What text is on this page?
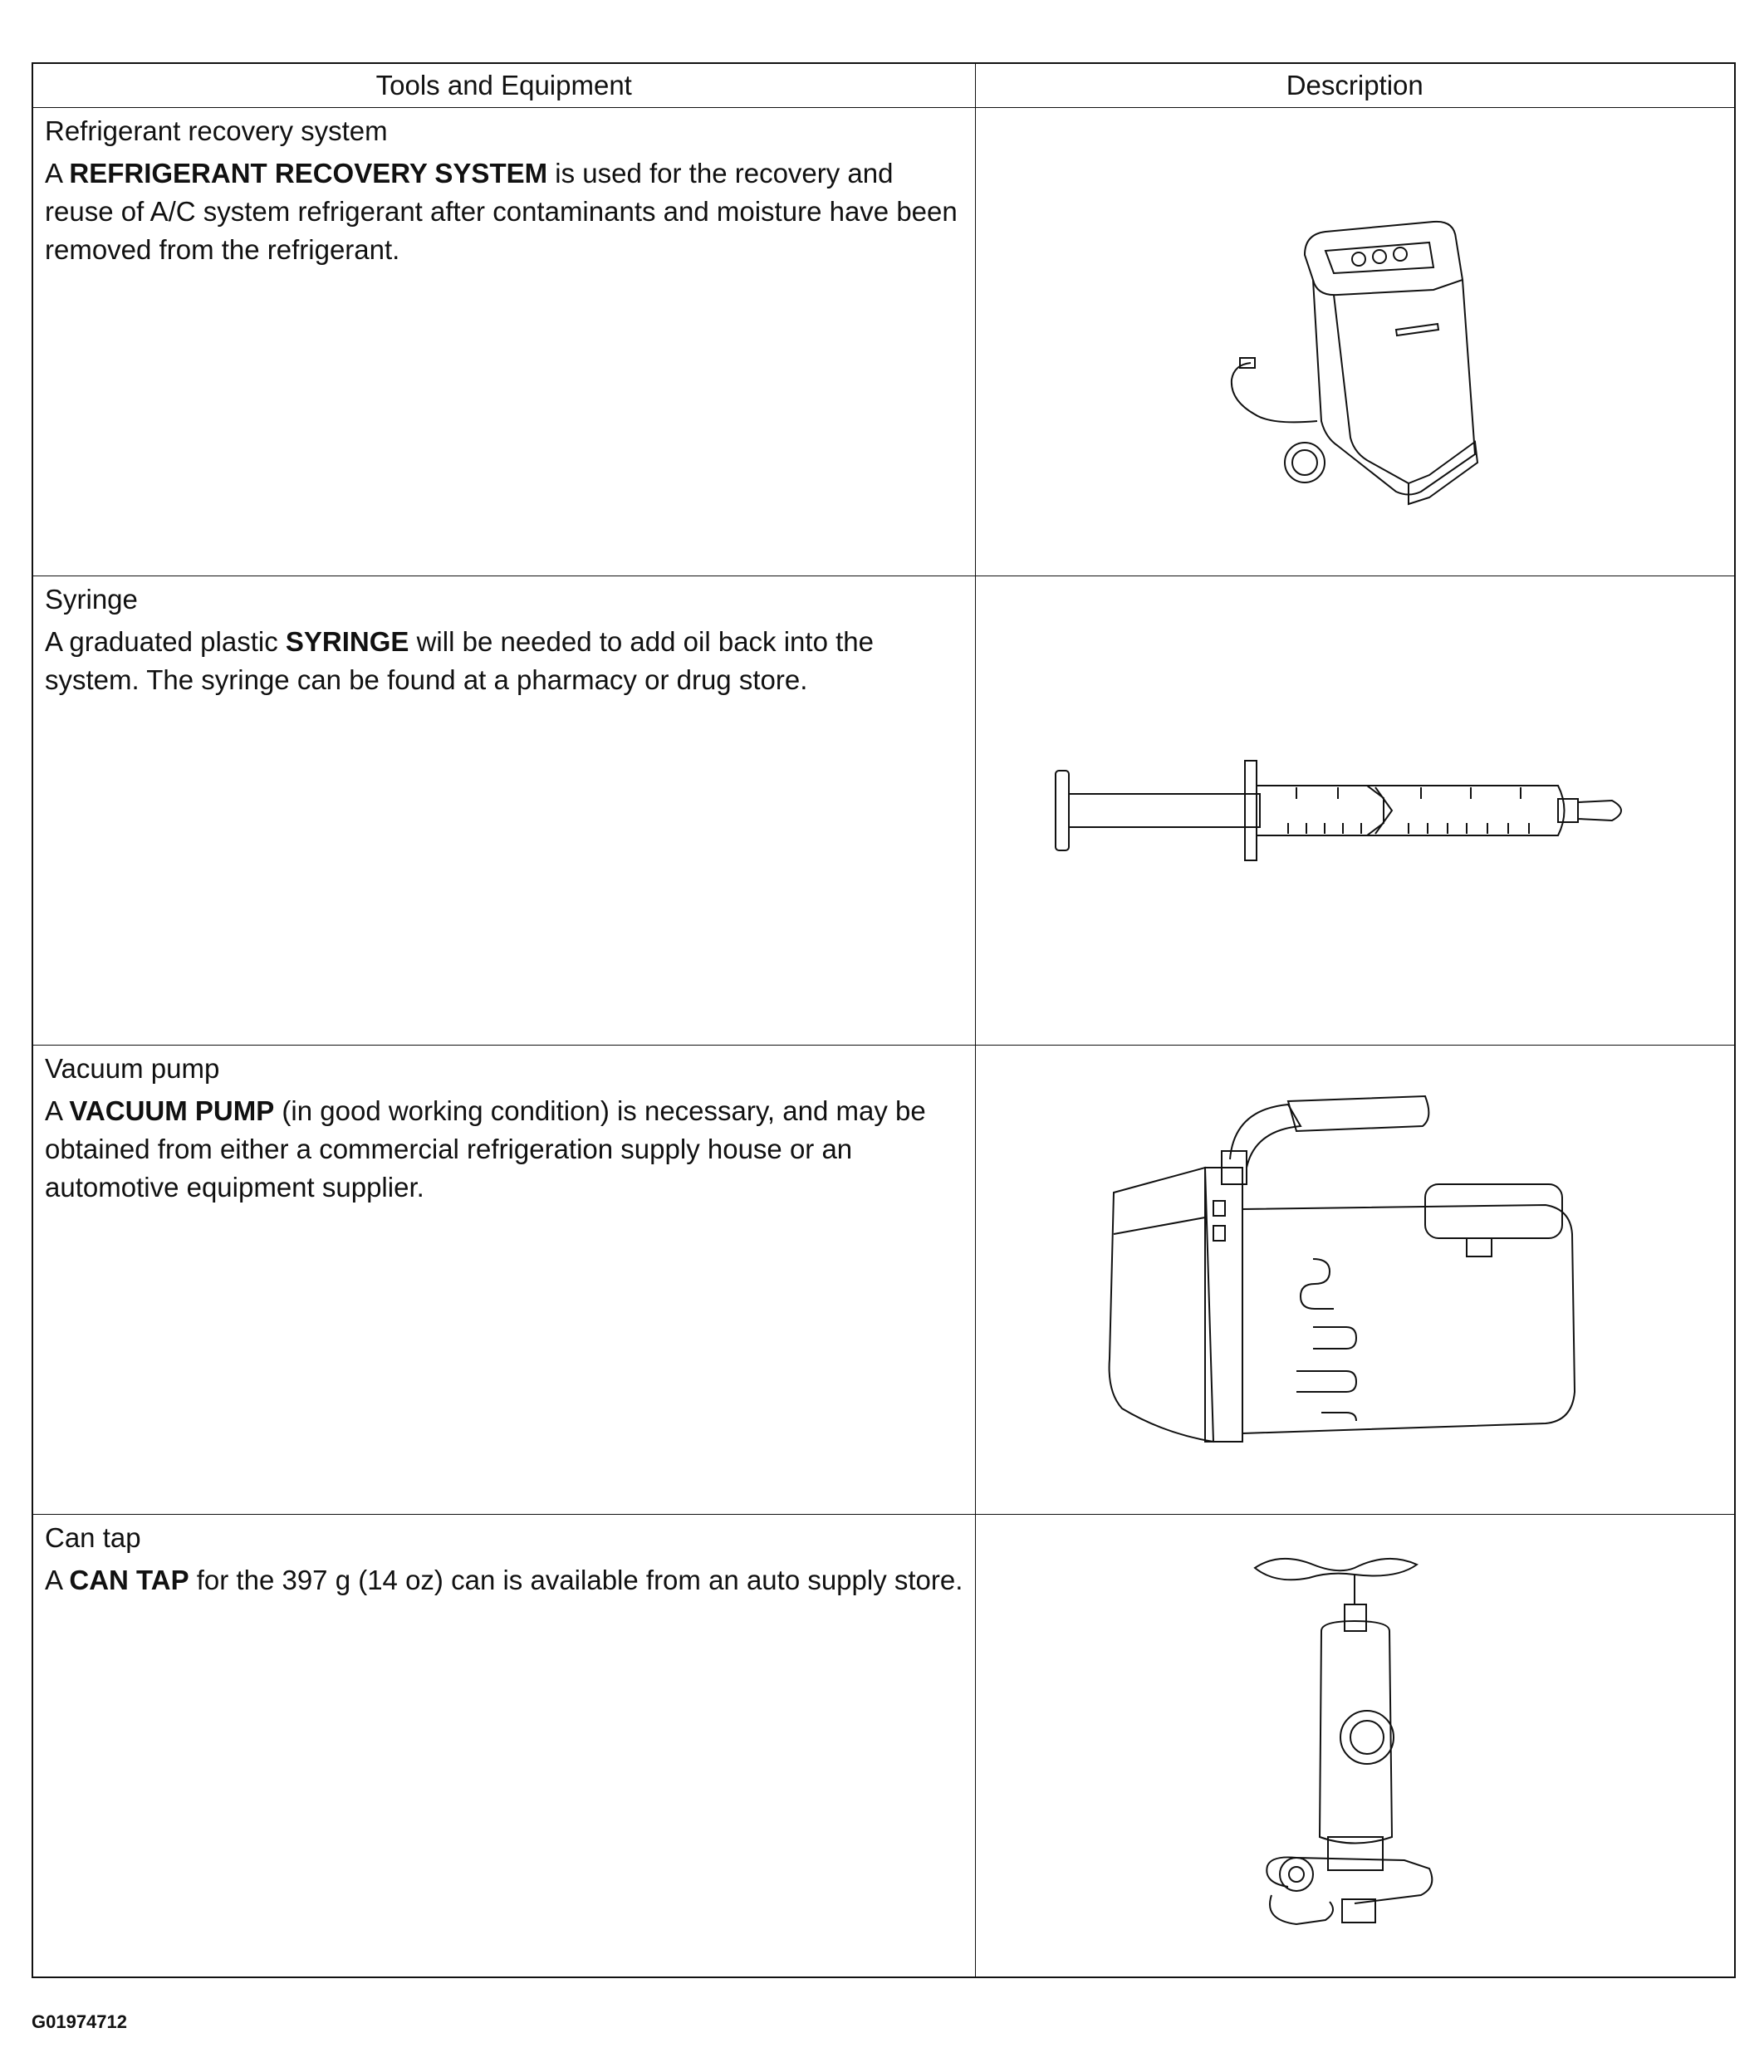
Tools and Equipment	Description

Refrigerant recovery system
A REFRIGERANT RECOVERY SYSTEM is used for the recovery and reuse of A/C system refrigerant after contaminants and moisture have been removed from the refrigerant.

Syringe
A graduated plastic SYRINGE will be needed to add oil back into the system. The syringe can be found at a pharmacy or drug store.

Vacuum pump
A VACUUM PUMP (in good working condition) is necessary, and may be obtained from either a commercial refrigeration supply house or an automotive equipment supplier.

Can tap
A CAN TAP for the 397 g (14 oz) can is available from an auto supply store.

G01974712
